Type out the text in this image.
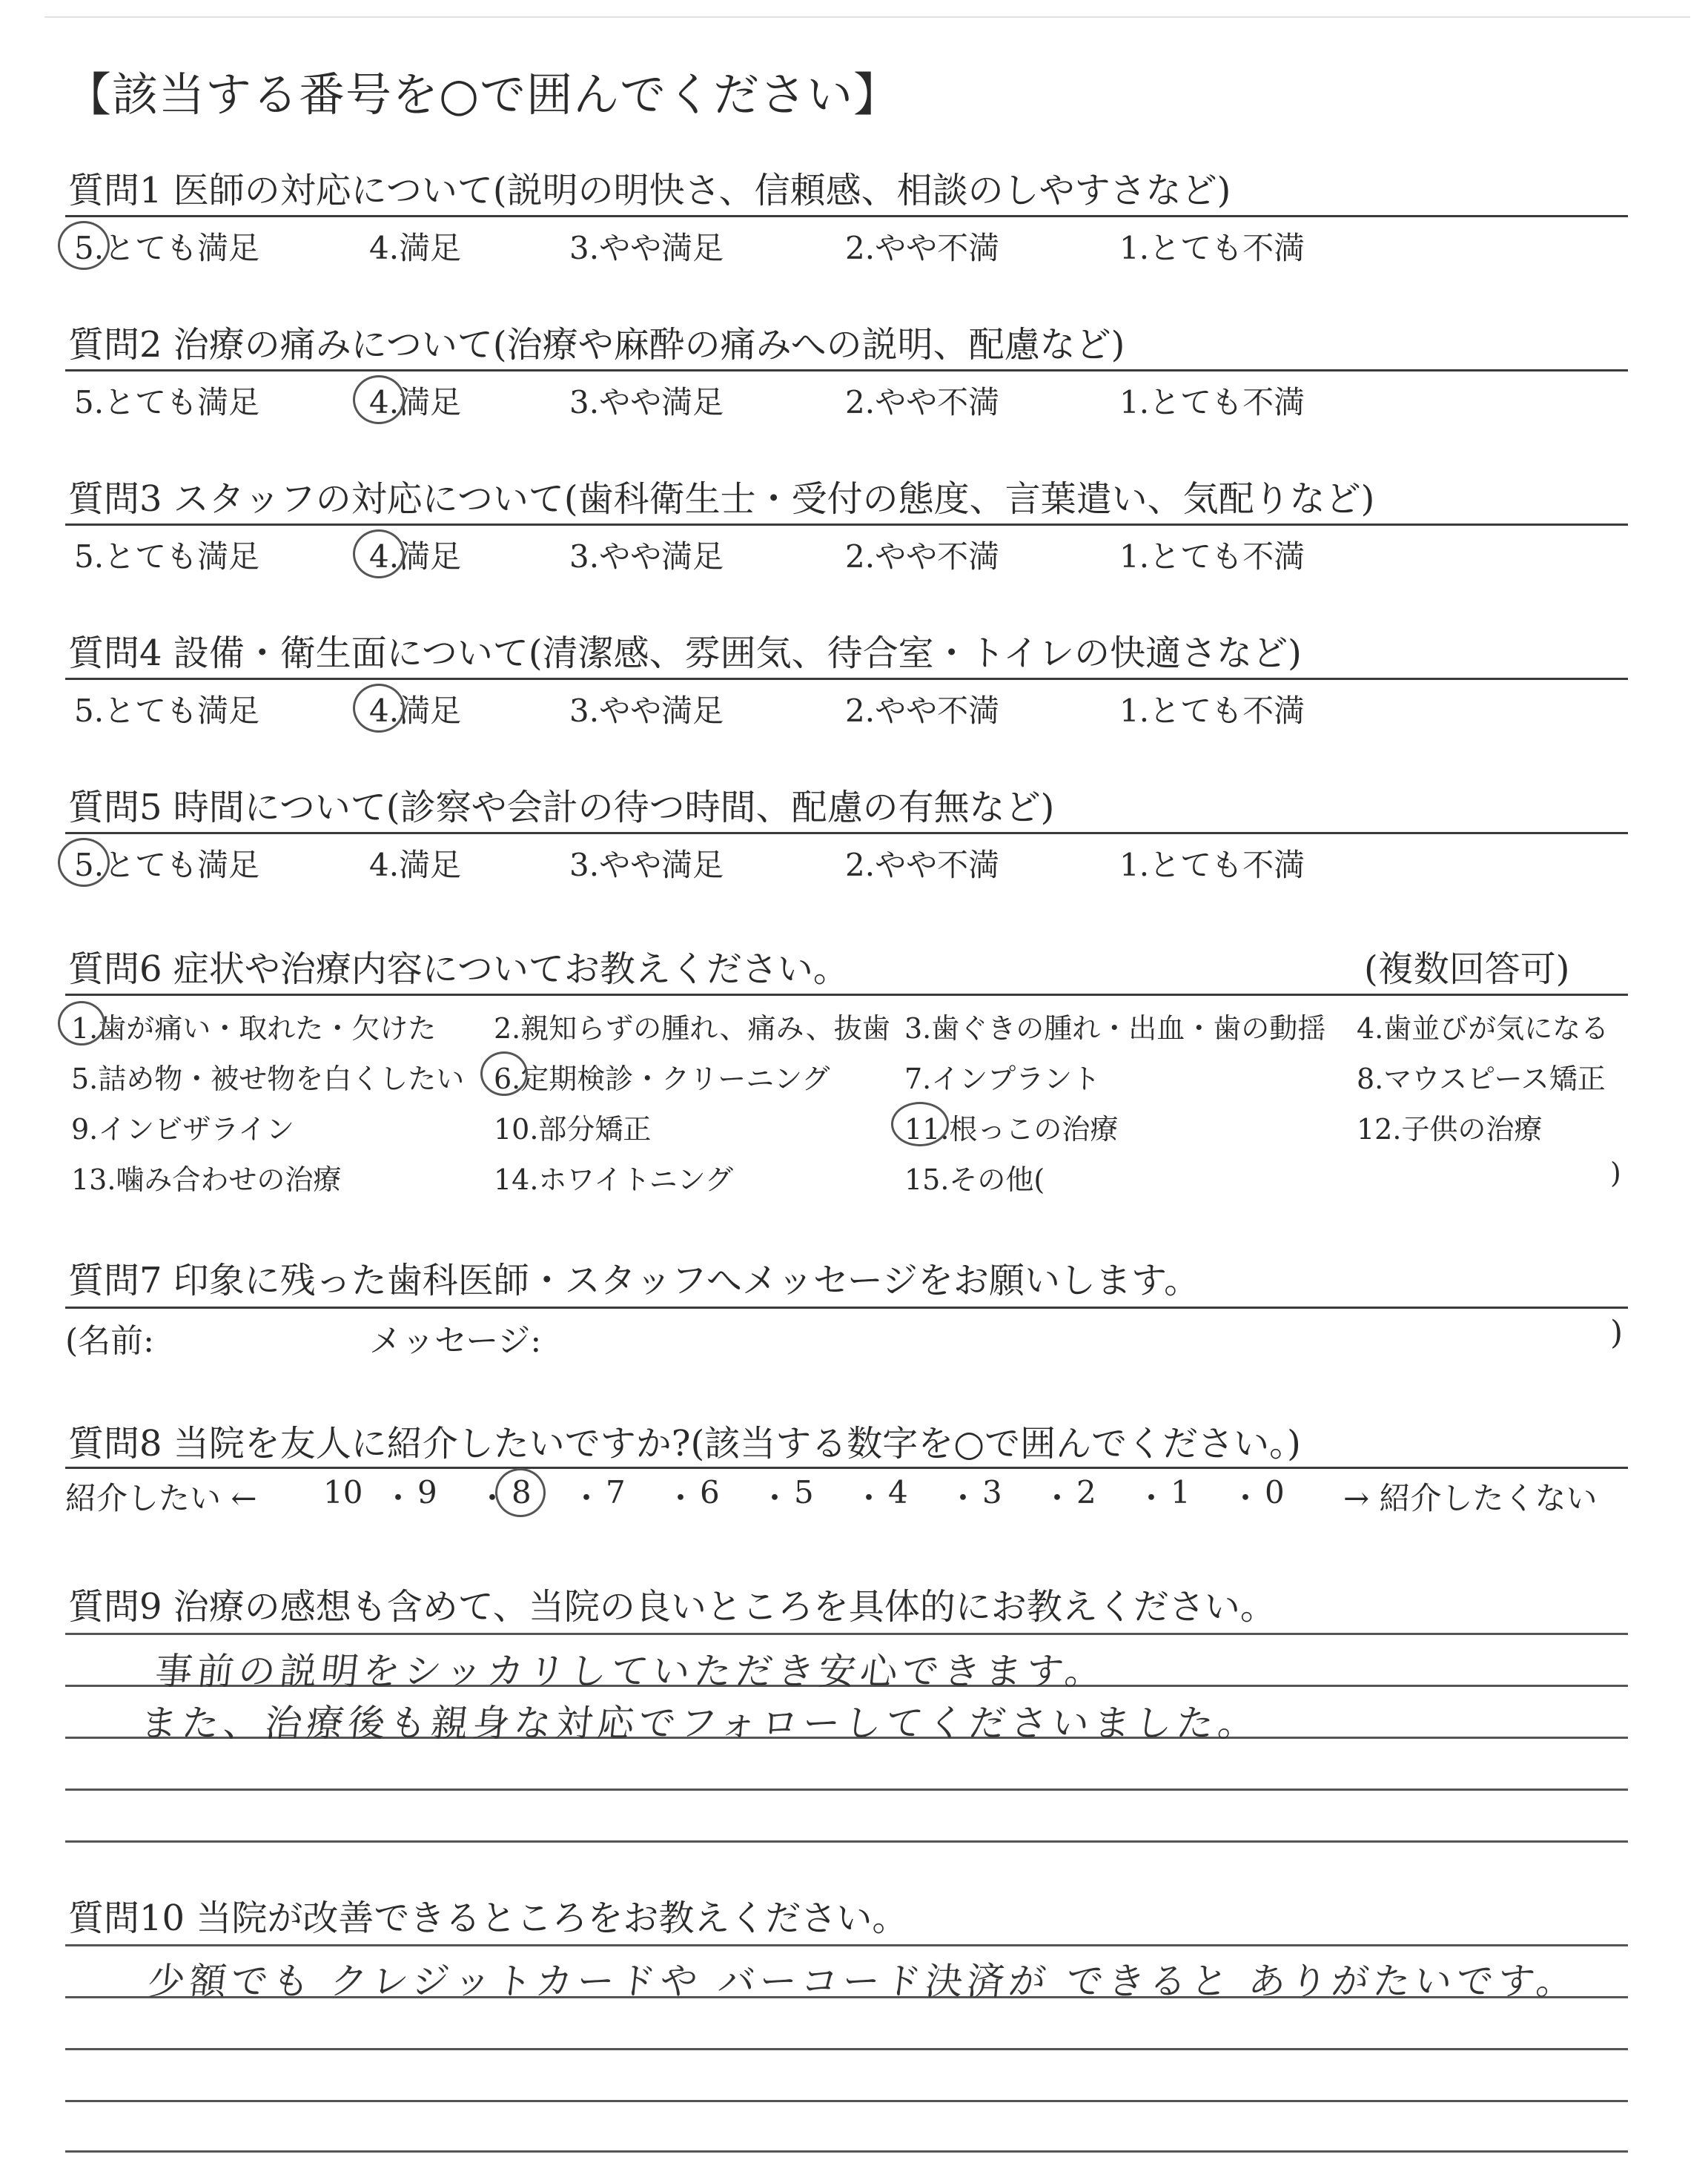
【該当する番号を○で囲んでください】
質問1 医師の対応について(説明の明快さ、信頼感、相談のしやすさなど)
5.とても満足	4.満足	3.やや満足	2.やや不満	1.とても不満
質問2 治療の痛みについて(治療や麻酔の痛みへの説明、配慮など)
5.とても満足	4.満足	3.やや満足	2.やや不満	1.とても不満
質問3 スタッフの対応について(歯科衛生士・受付の態度、言葉遣い、気配りなど)
5.とても満足	4.満足	3.やや満足	2.やや不満	1.とても不満
質問4 設備・衛生面について(清潔感、雰囲気、待合室・トイレの快適さなど)
5.とても満足	4.満足	3.やや満足	2.やや不満	1.とても不満
質問5 時間について(診察や会計の待つ時間、配慮の有無など)
5.とても満足	4.満足	3.やや満足	2.やや不満	1.とても不満
質問6 症状や治療内容についてお教えください。	(複数回答可)
1.歯が痛い・取れた・欠けた 2.親知らずの腫れ、痛み、抜歯 3.歯ぐきの腫れ・出血・歯の動揺 4.歯並びが気になる
5.詰め物・被せ物を白くしたい 6.定期検診・クリーニング	7.インプラント	8.マウスピース矯正
9.インビザライン	10.部分矯正	11.根っこの治療	12.子供の治療
13.噛み合わせの治療	14.ホワイトニング	15.その他(	)
質問7 印象に残った歯科医師・スタッフへメッセージをお願いします。
(名前:	メッセージ:	)
質問8 当院を友人に紹介したいですか?(該当する数字を○で囲んでください。)
紹介したい ← 10 ・ 9 ・ 8 ・ 7 ・ 6 ・ 5 ・ 4 ・ 3 ・ 2 ・ 1 ・ 0 → 紹介したくない
質問9 治療の感想も含めて、当院の良いところを具体的にお教えください。
事前の説明をシッカリしていただき安心できます。
また、治療後も親身な対応でフォローしてくださいました。
質問10 当院が改善できるところをお教えください。
少額でも クレジットカードや バーコード決済が できると ありがたいです。
